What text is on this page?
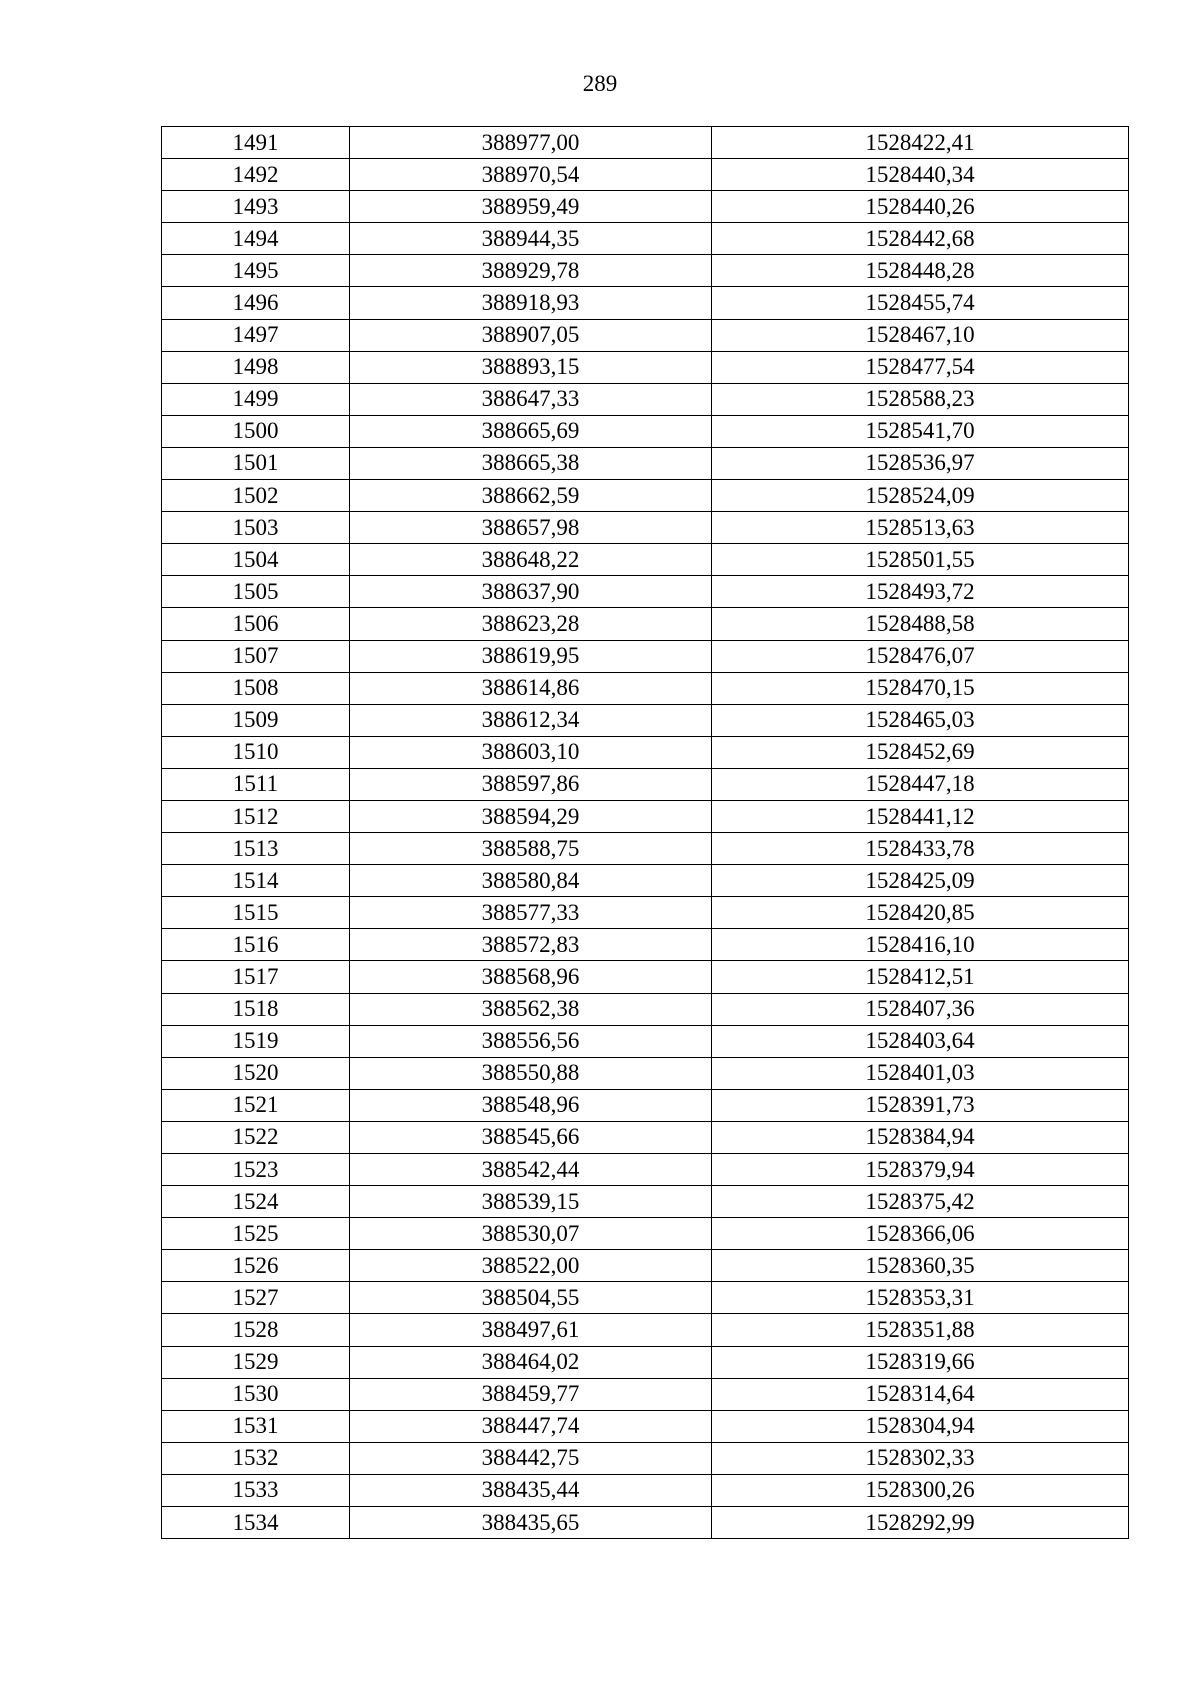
289
1491	388977,00	1528422,41
1492	388970,54	1528440,34
1493	388959,49	1528440,26
1494	388944,35	1528442,68
1495	388929,78	1528448,28
1496	388918,93	1528455,74
1497	388907,05	1528467,10
1498	388893,15	1528477,54
1499	388647,33	1528588,23
1500	388665,69	1528541,70
1501	388665,38	1528536,97
1502	388662,59	1528524,09
1503	388657,98	1528513,63
1504	388648,22	1528501,55
1505	388637,90	1528493,72
1506	388623,28	1528488,58
1507	388619,95	1528476,07
1508	388614,86	1528470,15
1509	388612,34	1528465,03
1510	388603,10	1528452,69
1511	388597,86	1528447,18
1512	388594,29	1528441,12
1513	388588,75	1528433,78
1514	388580,84	1528425,09
1515	388577,33	1528420,85
1516	388572,83	1528416,10
1517	388568,96	1528412,51
1518	388562,38	1528407,36
1519	388556,56	1528403,64
1520	388550,88	1528401,03
1521	388548,96	1528391,73
1522	388545,66	1528384,94
1523	388542,44	1528379,94
1524	388539,15	1528375,42
1525	388530,07	1528366,06
1526	388522,00	1528360,35
1527	388504,55	1528353,31
1528	388497,61	1528351,88
1529	388464,02	1528319,66
1530	388459,77	1528314,64
1531	388447,74	1528304,94
1532	388442,75	1528302,33
1533	388435,44	1528300,26
1534	388435,65	1528292,99
